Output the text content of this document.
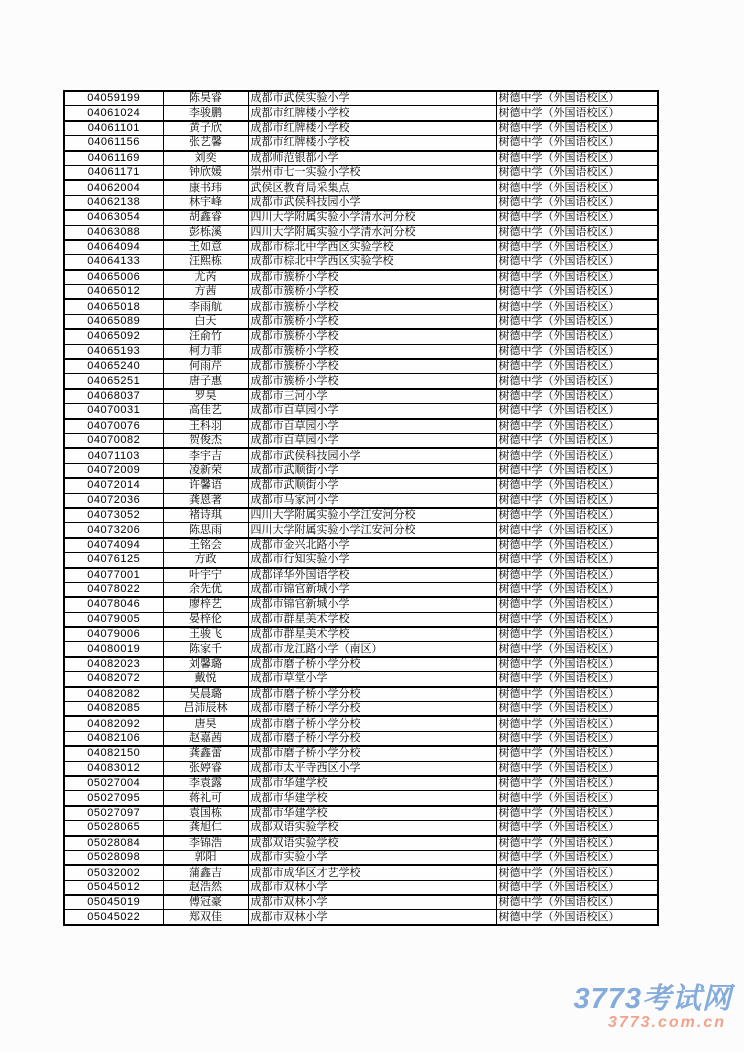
04059199	陈昊睿	成都市武侯实验小学	树德中学（外国语校区）
04061024	李骏鹏	成都市红牌楼小学校	树德中学（外国语校区）
04061101	黄子欣	成都市红牌楼小学校	树德中学（外国语校区）
04061156	张艺馨	成都市红牌楼小学校	树德中学（外国语校区）
04061169	刘奕	成都师范银都小学	树德中学（外国语校区）
04061171	钟欣媛	崇州市七一实验小学校	树德中学（外国语校区）
04062004	康书玮	武侯区教育局采集点	树德中学（外国语校区）
04062138	林宇峰	成都市武侯科技园小学	树德中学（外国语校区）
04063054	胡鑫睿	四川大学附属实验小学清水河分校	树德中学（外国语校区）
04063088	彭栎溪	四川大学附属实验小学清水河分校	树德中学（外国语校区）
04064094	王如意	成都市棕北中学西区实验学校	树德中学（外国语校区）
04064133	汪熙栋	成都市棕北中学西区实验学校	树德中学（外国语校区）
04065006	尤芮	成都市簇桥小学校	树德中学（外国语校区）
04065012	方茜	成都市簇桥小学校	树德中学（外国语校区）
04065018	李雨航	成都市簇桥小学校	树德中学（外国语校区）
04065089	白天	成都市簇桥小学校	树德中学（外国语校区）
04065092	汪俞竹	成都市簇桥小学校	树德中学（外国语校区）
04065193	柯力菲	成都市簇桥小学校	树德中学（外国语校区）
04065240	何雨芹	成都市簇桥小学校	树德中学（外国语校区）
04065251	唐子惠	成都市簇桥小学校	树德中学（外国语校区）
04068037	罗昊	成都市三河小学	树德中学（外国语校区）
04070031	高佳艺	成都市百草园小学	树德中学（外国语校区）
04070076	王科羽	成都市百草园小学	树德中学（外国语校区）
04070082	贺俊杰	成都市百草园小学	树德中学（外国语校区）
04071103	李宇吉	成都市武侯科技园小学	树德中学（外国语校区）
04072009	凌新荣	成都市武顺街小学	树德中学（外国语校区）
04072014	许馨语	成都市武顺街小学	树德中学（外国语校区）
04072036	龚恩著	成都市马家河小学	树德中学（外国语校区）
04073052	褚诗琪	四川大学附属实验小学江安河分校	树德中学（外国语校区）
04073206	陈思雨	四川大学附属实验小学江安河分校	树德中学（外国语校区）
04074094	王铭会	成都市金兴北路小学	树德中学（外国语校区）
04076125	方政	成都市行知实验小学	树德中学（外国语校区）
04077001	叶宇宁	成都译华外国语学校	树德中学（外国语校区）
04078022	余先优	成都市锦官新城小学	树德中学（外国语校区）
04078046	廖梓艺	成都市锦官新城小学	树德中学（外国语校区）
04079005	晏梓伦	成都市群星美术学校	树德中学（外国语校区）
04079006	王骏飞	成都市群星美术学校	树德中学（外国语校区）
04080019	陈家千	成都市龙江路小学（南区）	树德中学（外国语校区）
04082023	刘馨璐	成都市磨子桥小学分校	树德中学（外国语校区）
04082072	戴悦	成都市草堂小学	树德中学（外国语校区）
04082082	吴晨璐	成都市磨子桥小学分校	树德中学（外国语校区）
04082085	吕沛辰林	成都市磨子桥小学分校	树德中学（外国语校区）
04082092	唐昊	成都市磨子桥小学分校	树德中学（外国语校区）
04082106	赵嘉茜	成都市磨子桥小学分校	树德中学（外国语校区）
04082150	龚鑫蕾	成都市磨子桥小学分校	树德中学（外国语校区）
04083012	张婷睿	成都市太平寺西区小学	树德中学（外国语校区）
05027004	李袁露	成都市华建学校	树德中学（外国语校区）
05027095	蒋礼可	成都市华建学校	树德中学（外国语校区）
05027097	袁国栋	成都市华建学校	树德中学（外国语校区）
05028065	龚旭仁	成都双语实验学校	树德中学（外国语校区）
05028084	李锦浩	成都双语实验学校	树德中学（外国语校区）
05028098	郭阳	成都市实验小学	树德中学（外国语校区）
05032002	蒲鑫吉	成都市成华区才艺学校	树德中学（外国语校区）
05045012	赵浩然	成都市双林小学	树德中学（外国语校区）
05045019	傅冠豪	成都市双林小学	树德中学（外国语校区）
05045022	郑双佳	成都市双林小学	树德中学（外国语校区）
3773考试网
3773.com.cn
